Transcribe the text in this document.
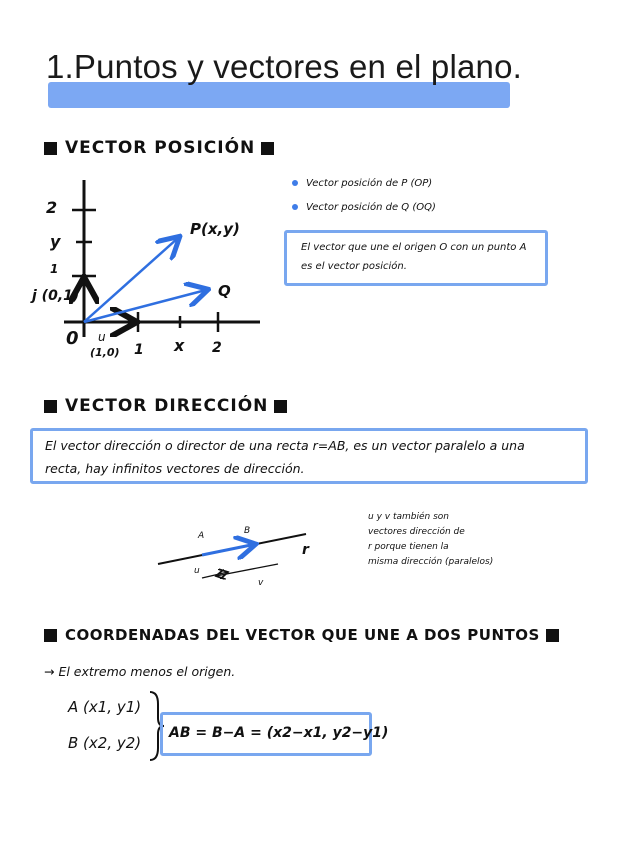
1.Puntos y vectores en el plano.
VECTOR POSICIÓN
2
y
1
j (0,1)
0 u
(1,0) 1 x 2
P(x,y)
Q
Vector posición de P (OP)
Vector posición de Q (OQ)
El vector que une el origen O con un punto A
es el vector posición.
VECTOR DIRECCIÓN
El vector dirección o director de una recta r=AB, es un vector paralelo a una
recta, hay infinitos vectores de dirección.
A	B
r
u
v
u y v también son
vectores dirección de
r porque tienen la
misma dirección (paralelos)
COORDENADAS DEL VECTOR QUE UNE A DOS PUNTOS
→ El extremo menos el origen.
A (x1, y1)
B (x2, y2)
AB = B−A = (x2−x1, y2−y1)
